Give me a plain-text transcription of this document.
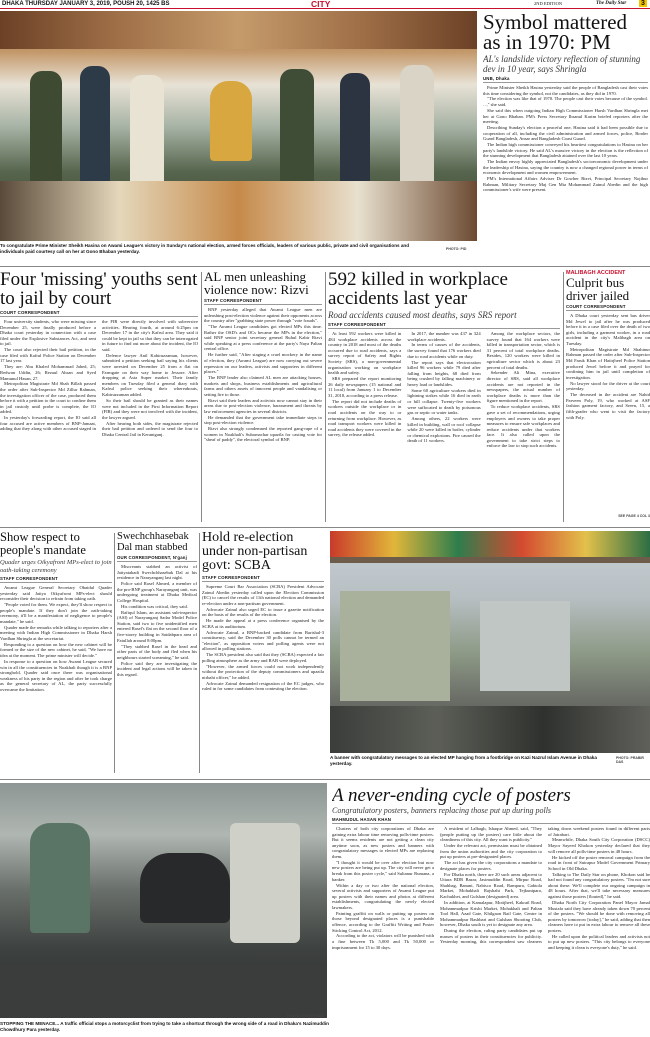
DHAKA THURSDAY JANUARY 3, 2019, POUSH 20, 1425 BS	CITY	2ND EDITION	The Daily Star 3
To congratulate Prime Minister Sheikh Hasina on Awami League's victory in Sunday's national election, armed forces officials, leaders of various public, private and civil organisations and individuals paid courtesy call on her at Gono Bhaban yesterday.	PHOTO: PID
Symbol mattered as in 1970: PM
AL's landslide victory reflection of stunning dev in 10 year, says Shringla
UNB, Dhaka

Prime Minister Sheikh Hasina yesterday said the people of Bangladesh cast their votes this time considering the symbol, not the candidates, as they did in 1970.

"The election was like that of 1970. The people cast their votes because of the symbol. . .," she said.

She said this when outgoing Indian High Commissioner Harsh Vardhan Shringla met her at Gono Bhaban. PM's Press Secretary Ihsanul Karim briefed reporters after the meeting.

Describing Sunday's election a peaceful one, Hasina said it had been possible due to cooperation of all, including the civil administration and armed forces, police, Border Guard Bangladesh, Ansar and Bangladesh Coast Guard.

The Indian high commissioner conveyed his heartiest congratulations to Hasina on her party's landslide victory. He said AL's massive victory in the election is the reflection of the stunning development that Bangladesh attained over the last 10 years.

The Indian envoy highly appreciated Bangladesh's socioeconomic development under the leadership of Hasina, saying the country is now a changed regional power in terms of economic development and women empowerment.

PM's International Affairs Adviser Dr Gowher Rizvi, Principal Secretary Nojibur Rahman, Military Secretary Maj Gen Mia Mohammad Zainul Abedin and the high commissioner's wife were present.

Four 'missing' youths sent to jail by court
COURT CORRESPONDENT

Four university students, who were missing since December 25, were finally produced before a Dhaka court yesterday in connection with a case filed under the Explosive Substances Act, and sent to jail.

The court also rejected their bail petition, in the case filed with Kafrul Police Station on December 17 last year.

They are: Abu Khaled Mohammad Jahed, 25; Redwan Uddin, 26; Rezaul Ahsan and Syed Mamunul Hasan, 27.

Metropolitan Magistrate Md Shah Billah passed the order after Sub-Inspector Md Zillur Rahman, the investigation officer of the case, produced them before it with a petition to the court to confine them in jail custody until probe is complete, the IO added.

In yesterday's forwarding report, the IO said all four accused are active members of BNP-Jamaat, adding that they along with other accused staged in the FIR were directly involved with subversive activities. Hearing fourth, at around 6:25pm on December 17 in the city's Kafrul area. They said it could be kept in jail so that they can be interrogated in future to find out more about the incident, the IO said.

Defence lawyer Anil Kabiruzzaman, however, submitted a petition seeking bail saying his clients were arrested on December 25 from a flat on Farmgate on their way home to Jessore. After dropping at Asia Super market. Their family members on Tuesday filed a general diary with Kafrul police seeking their whereabouts, Kabiruzzaman added.

So their bail should be granted as their names were not included in the First Information Report (FIR) and they were not involved with the incident, the lawyer argued.

After hearing both sides, the magistrate rejected their bail petition and ordered to send the four to Dhaka Central Jail in Keraniganj.

AL men unleashing violence now: Rizvi
STAFF CORRESPONDENT

BNP yesterday alleged that Awami League men are unleashing post-election violence against their opponents across the country after "grabbing state power through "vote frauds".

"The Awami League candidates got elected MPs this time. Rather the OSD's and OCs became the MPs in the election," said BNP senior joint secretary general Ruhul Kabir Rizvi while speaking at a press conference at the party's Naya Paltan central office.

He further said, "After staging a cruel mockery in the name of election, they (Awami League) are now carrying out severe repression on our leaders, activists and supporters in different places."

The BNP leader also claimed AL men are attacking houses, markets and shops, business establishments and agricultural farms and others assets of innocent people and vandalising or setting fire to those.

Rizvi said their leaders and activists now cannot stay in their areas due to post-election violence, harassment and threats by law enforcement agencies in several districts.

He demanded that the government take immediate steps to stop post-election violence.

Rizvi also strongly condemned the reported gang-rape of a women in Noakhali's Subarnachar upazila for casting vote for "sheaf of paddy", the electoral symbol of BNP.

592 killed in workplace accidents last year
Road accidents caused most deaths, says SRS report
STAFF CORRESPONDENT

At least 592 workers were killed in 484 workplace accidents across the country in 2018 and most of the deaths occurred due to road accidents, says a survey report of Safety and Rights Society (SRS), a non-governmental organisation working on workplace health and safety.

SRS prepared the report monitoring 26 daily newspapers (15 national and 11 local) from January 1 to December 31, 2018, according to a press release.

The report did not include deaths of workers outside the workplace or in road accidents on the way to or returning from workplace. However, as road transport workers were killed in road accidents they were covered in the survey, the release added.

In 2017, the number was 437 in 324 workplace accidents.

In terms of causes of the accidents, the survey found that 176 workers died due to road accidents while on duty.

The report says that electrocution killed 96 workers while 79 died after falling from heights, 68 died from being crushed by falling machinery or heavy load or landslides.

Some 60 agriculture workers died in lightning strikes while 16 died in earth or hill collapse. Twenty-five workers were suffocated to death by poisonous gas or septic or water tanks.

Among others, 22 workers were killed in building, wall or roof collapse while 20 were killed in boiler, cylinder or chemical explosions. Fire caused the death of 11 workers.

Among the workplace sectors, the survey found that 164 workers were killed in transportation sector, which is 31 percent of total workplace deaths. Besides, 120 workers were killed in agriculture sector which is about 23 percent of total deaths.

Sekender Ali Mina, executive director of SRS, said all workplace accidents are not reported in the newspapers, the actual number of workplace deaths is more than the figure mentioned in the report.

To reduce workplace accidents, SRS gave a set of recommendations, urging employers and owners to take proper measures to ensure safe workplaces and reduce accidents under that workers face. It also called upon the government to take strict steps to enforce the law to stop such accidents.

MALIBAGH ACCIDENT
Culprit bus driver jailed
COURT CORRESPONDENT

A Dhaka court yesterday sent bus driver Md Jewel to jail after he was produced before it in a case filed over the death of two girls, including a garment worker, in a road accident in the city's Malibagh area on Tuesday.

Metropolitan Magistrate Md Shahinur Rahman passed the order after Sub-Inspector Md Faruk Khan of Hatirjheel Police Station produced Jewel before it and prayed for confining him in jail until completion of investigation.

No lawyer stood for the driver at the court yesterday.

The deceased in the accident are Nahid Parveen Poly, 19, who worked at ASF fashion garment factory, and Sreen, 15, a fifth-grader who went to visit the factory with Poly.

SEE PAGE 4 COL 3
Show respect to people's mandate
Quader urges Oikyafront MPs-elect to join oath-taking ceremony
STAFF CORRESPONDENT

Awami League General Secretary Obaidul Quader yesterday said Jatiya Oikyafront MPs-elect should reconsider their decision to refrain from taking oath.

"People voted for them. We expect, they'll show respect to people's mandate. If they don't join the oath-taking ceremony, it'll be a manifestation of negligence to people's mandate," he said.

Quader made the remarks while talking to reporters after a meeting with Indian High Commissioner in Dhaka Harsh Vardhan Shringla at the secretariat.

Responding to a question on how the new cabinet will be formed or the size of the new cabinet, he said, "We have no idea at the moment. The prime minister will decide."

In response to a question on how Awami League secured win in all the constituencies in Noakhali though it is a BNP stronghold, Quader said once there was organisational weakness of his party in the region and after he took charge as the general secretary of AL, the party successfully overcame the limitation.

Swechchhasebak Dal man stabbed
OUR CORRESPONDENT, N'ganj

Miscreants stabbed an activist of Jatiyatabadi Swechchhasebak Dal at his residence in Narayanganj last night.

Police said Rasel Ahmed, a member of the pro-BNP group's Narayanganj unit, was undergoing treatment at Dhaka Medical College Hospital.

His condition was critical, they said.

Rafiqul Islam, an assistant sub-inspector (ASI) of Narayanganj Sadar Model Police Station, said two to five unidentified men entered Rasel's flat on the second floor of a five-storey building in Saidabpara area of Fatullah around 8:00pm.

"They stabbed Rasel in the head and other parts of the body and fled when his neighbours started screaming," he said.

Police said they are investigating the incident and legal actions will be taken in this regard.

Hold re-election under non-partisan govt: SCBA
STAFF CORRESPONDENT

Supreme Court Bar Association (SCBA) President Advocate Zainul Abedin yesterday called upon the Election Commission (EC) to cancel the results of 11th national election and demanded re-election under a non-partisan government.

Advocate Zainul also urged EC to issue a gazette notification on the basis of the results of the election.

He made the appeal at a press conference organised by the SCBA at its auditorium.

Advocate Zainul, a BNP-backed candidate from Barishal-3 constituency, said the December 30 polls cannot be termed an "election", as opposition voters and polling agents were not allowed in polling stations.

The SCBA president also said that they (SCBA) expected a fair polling atmosphere as the army and RAB were deployed.

"However, the armed forces could not work independently without the protection of the deputy commissioners and upazila nirbahi officer," he added.

Advocate Zainul demanded resignation of the EC judges, who ruled in for some candidates from contesting the election.

A banner with congratulatory messages to an elected MP hanging from a footbridge on Kazi Nazrul Islam Avenue in Dhaka yesterday.
PHOTO: PRABIR DAS
STOPPING THE MENACE... A traffic official stops a motorcyclist from trying to take a shortcut through the wrong side of a road in Dhaka's Nazimuddin Chowdhury Para yesterday.
PHOTO: PRABIR DAS
A never-ending cycle of posters
Congratulatory posters, banners replacing those put up during polls
MAHMUDUL HASAN KHAN

Clusters of both city corporations of Dhaka are gaining extra labour time removing polls-time posters. But it seems residents are not getting a clean city anytime soon, as new posters and banners with congratulatory messages to elected MPs are replacing them.

"I thought it would be over after election but now new posters are being put up. The city will never get a break from this poster cycle," said Sultanur Rumana, a banker.

Within a day or two after the national election, several activists and supporters of Awami League put up posters with their names and photos at different establishments, congratulating the newly elected lawmakers.

Painting graffiti on walls or putting up posters on those beyond designated places is a punishable offence, according to the Graffiti Writing and Poster Sticking Control Act, 2012.

According to the act, violators will be punished with a fine between Tk 5,000 and Tk 50,000 or imprisonment for 15 to 30 days.

A resident of Lalbagh, Ishaque Ahmed, said, "They (people putting up the posters) care little about the cleanliness of this city. All they want is publicity."

Under the relevant act, permission must be obtained from the union authorities and the city corporation to put up posters at pre-designated places.

The act has given the city corporations a mandate to designate places for posters.

For Dhaka north, there are 20 such areas adjacent to Uttara BDR Bazar, Jasimuddin Road, Mirpur Road, Shahbag, Banani, Nabisco Road, Rampura, Gabtola Market, Mohakhali Rajshahi Park, Tejkunipara, Kachukhet, and Gulshan (designated) area.

In addition, at Kamalapur, Motijheel, Kakrail Road, Mohammadpur Krishi Market, Mohakhali and Paltan Tool Hall, Azad Gate, Khilgaon Rail Gate, Centre in Mohammadpur Bashbari and Gulshan Shooting Club, however, Dhaka south is yet to designate any area.

During the election, ruling party candidates put up masses of posters in their constituencies for publicity. Yesterday morning, this correspondent saw cleaners taking down weekend posters found in different parts of Jatrabari.

Meanwhile, Dhaka South City Corporation (DSCC) Mayor Sayeed Khokon yesterday declared that they will remove all polls-time posters in 48 hours.

He kicked off the poster removal campaign from the road in front of Sutrapur Model Government Primary School in Old Dhaka.

Talking to The Daily Star on phone, Khokon said he had not found any congratulatory posters. "I'm not sure about these. We'll complete our ongoing campaign in 48 hours. After that, we'll take necessary measures against those posters [flouted]," he said.

Dhaka North City Corporation Panel Mayor Jamal Mustafa said they have already taken down 70 percent of the posters. "We should be done with removing all posters by tomorrow [today]," he said, adding that then cleaners have to put in extra labour to remove all these posters.

He called upon the political leaders and activists not to put up new posters. "This city belongs to everyone and keeping it clean is everyone's duty," he said.
